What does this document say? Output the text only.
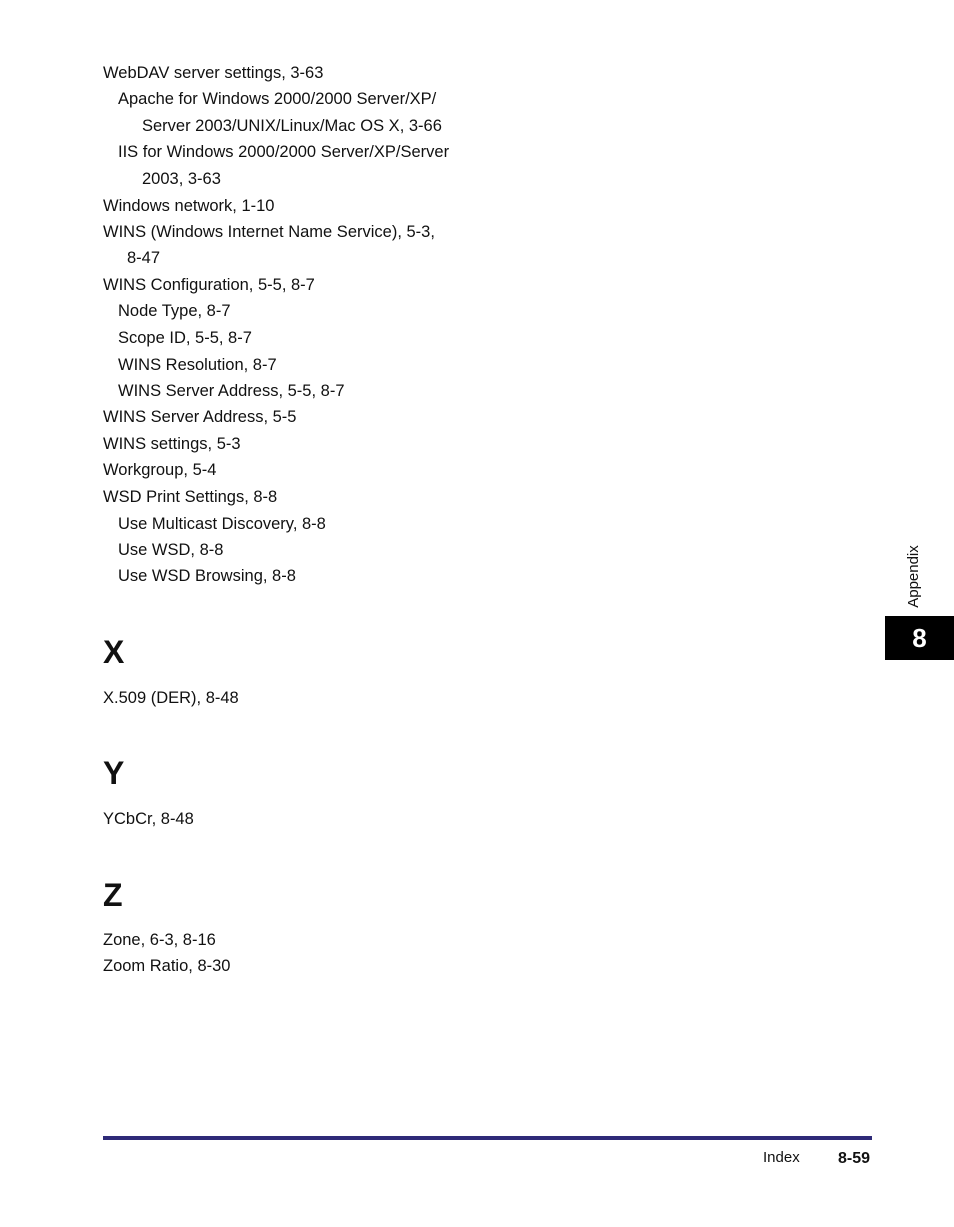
WebDAV server settings, 3-63
Apache for Windows 2000/2000 Server/XP/
Server 2003/UNIX/Linux/Mac OS X, 3-66
IIS for Windows 2000/2000 Server/XP/Server
2003, 3-63
Windows network, 1-10
WINS (Windows Internet Name Service), 5-3,
8-47
WINS Configuration, 5-5, 8-7
Node Type, 8-7
Scope ID, 5-5, 8-7
WINS Resolution, 8-7
WINS Server Address, 5-5, 8-7
WINS Server Address, 5-5
WINS settings, 5-3
Workgroup, 5-4
WSD Print Settings, 8-8
Use Multicast Discovery, 8-8
Use WSD, 8-8
Use WSD Browsing, 8-8
X
X.509 (DER), 8-48
Y
YCbCr, 8-48
Z
Zone, 6-3, 8-16
Zoom Ratio, 8-30
Appendix
8
Index 8-59
